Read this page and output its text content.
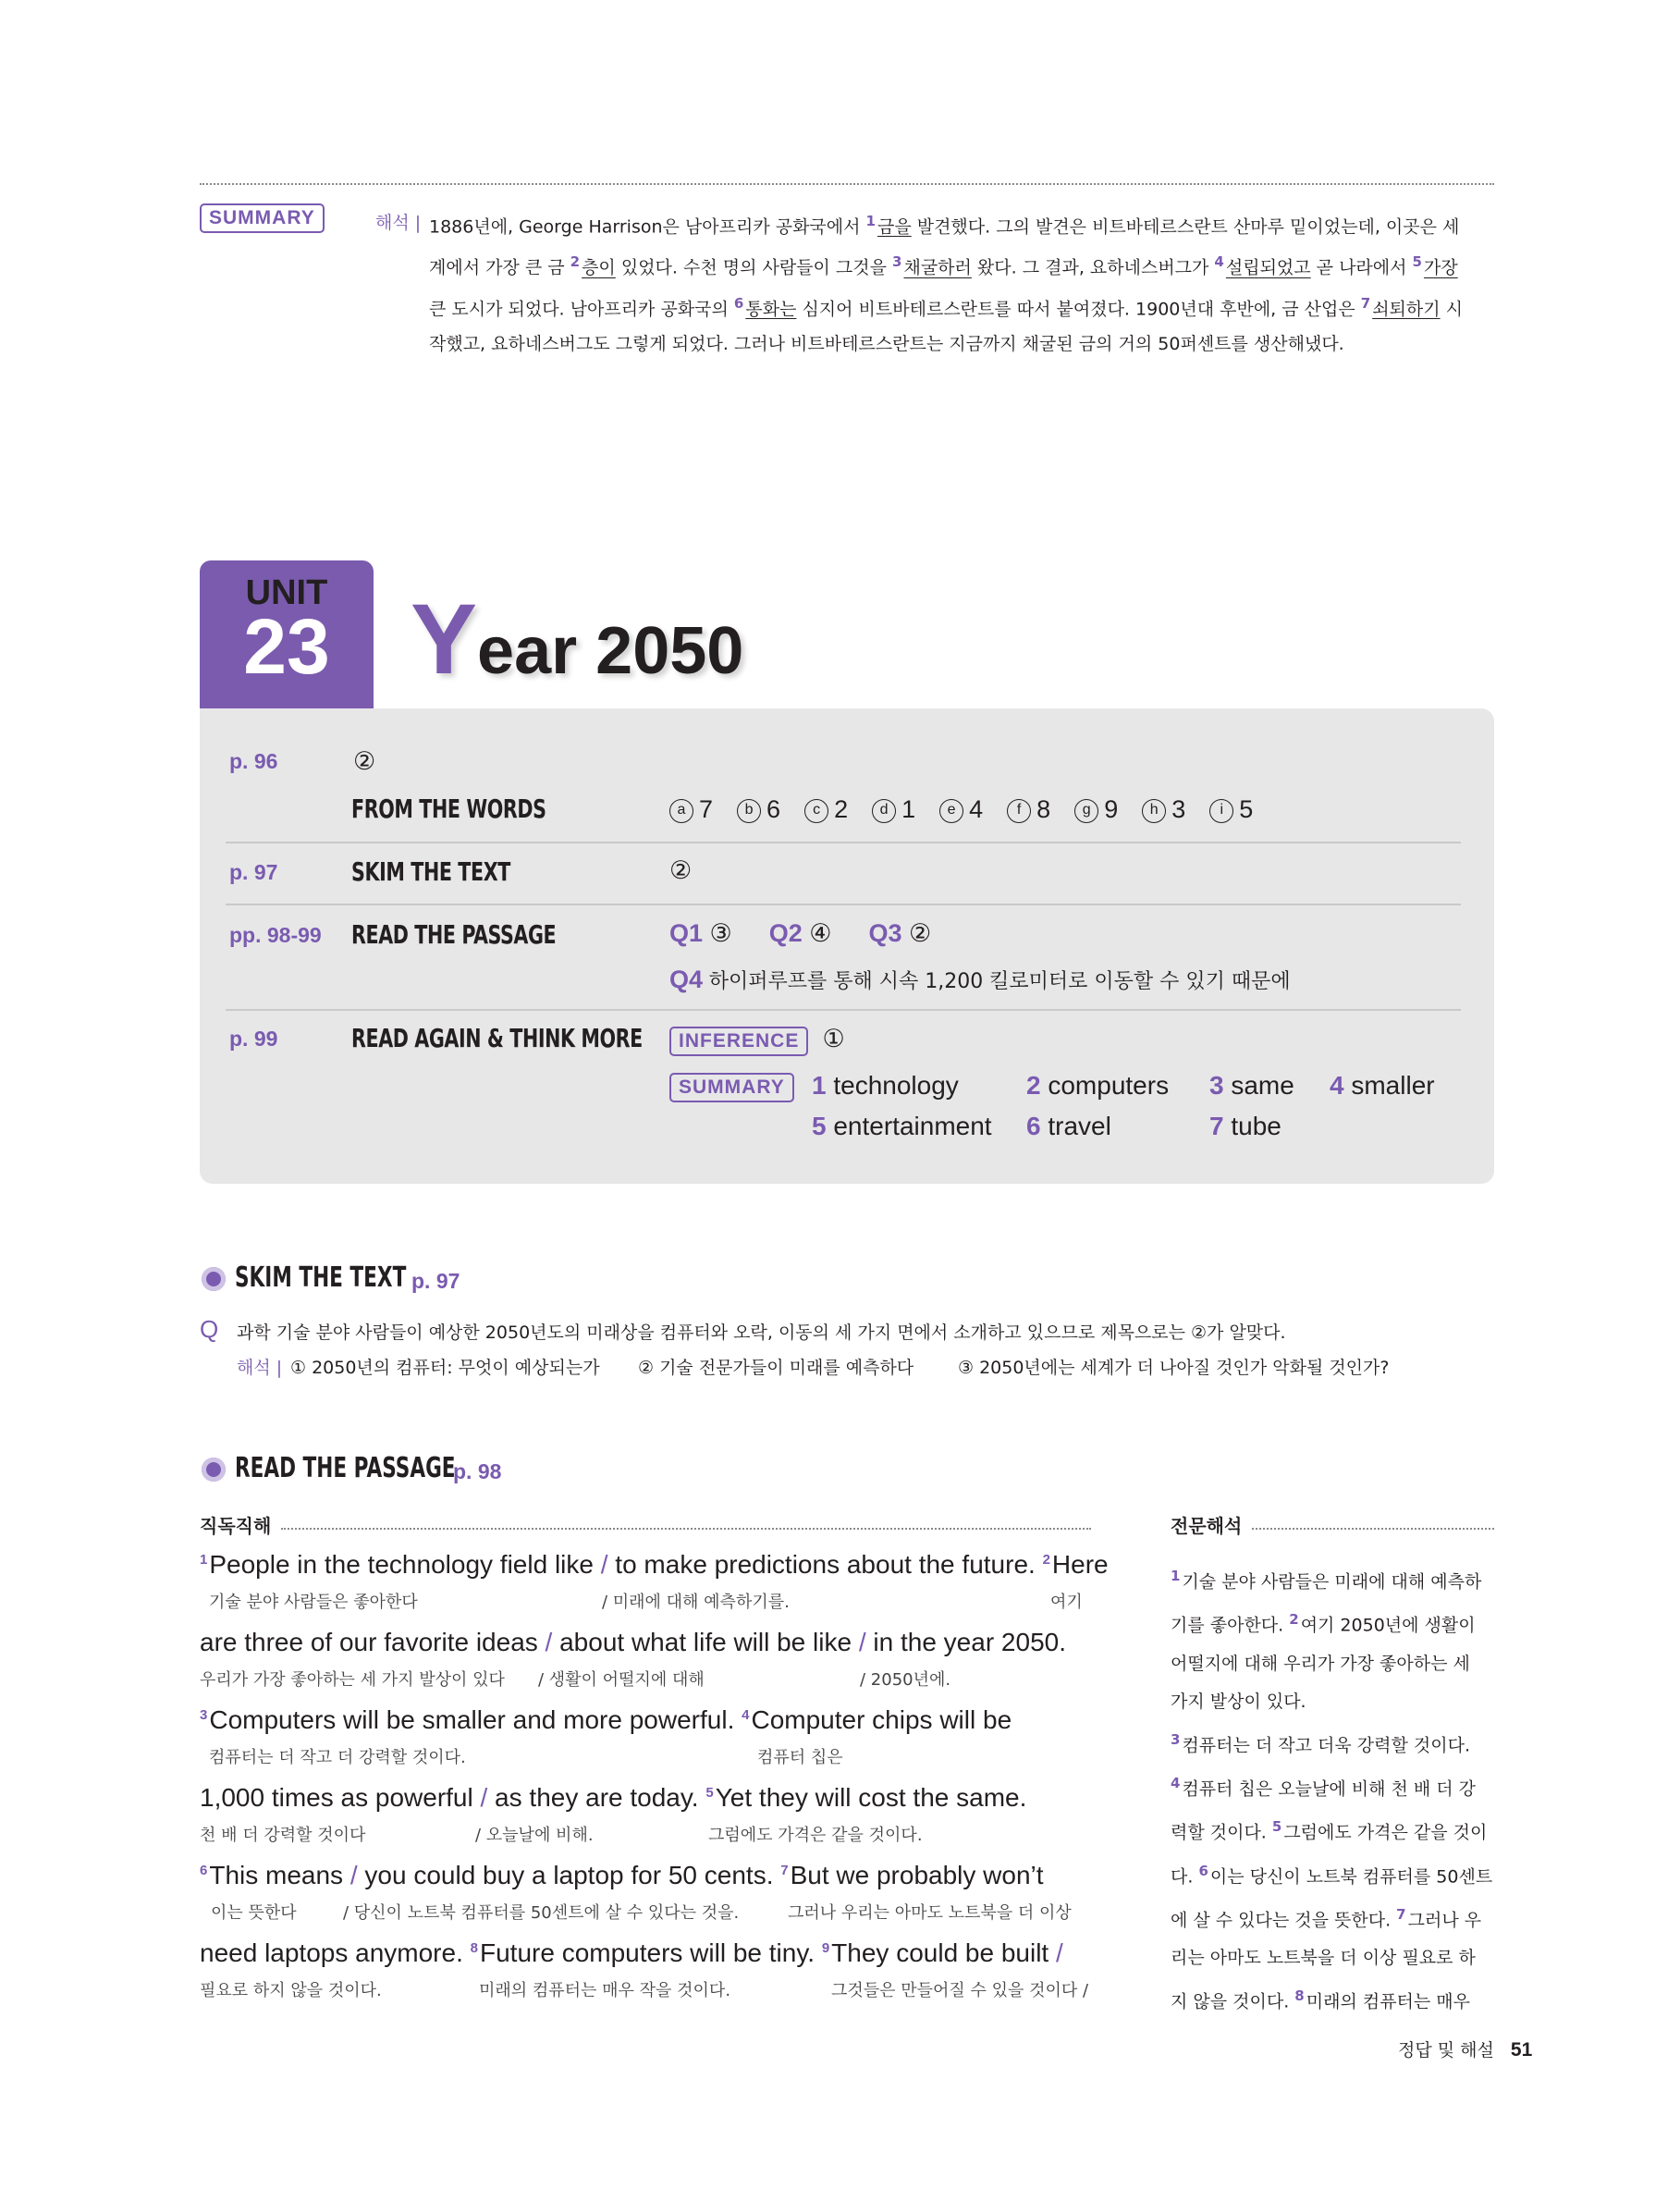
SUMMARY	해석 | 1886년에, George Harrison은 남아프리카 공화국에서 $^1$ 금을 발견했다. 그의 발견은 비트바테르스란트 산마루 밑이었는데, 이곳은 세
계에서 가장 큰 금 $^2$ 층이 있었다. 수천 명의 사람들이 그것을 $^3$ 채굴하러 왔다. 그 결과, 요하네스버그가 $^4$ 설립되었고 곧 나라에서 $^5$ 가장
큰 도시가 되었다. 남아프리카 공화국의 $^6$ 통화는 심지어 비트바테르스란트를 따서 붙여졌다. 1900년대 후반에, 금 산업은 $^7$ 쇠퇴하기 시
작했고, 요하네스버그도 그렇게 되었다. 그러나 비트바테르스란트는 지금까지 채굴된 금의 거의 50퍼센트를 생산해냈다.
UNIT
23 Year 2050
p. 96	②
FROM THE WORDS	a 7 b 6 c 2 d 1 e 4 f 8 g 9 h 3 i 5
p. 97	SKIM THE TEXT	②
pp. 98-99 READ THE PASSAGE	Q1 ③ Q2 ④ Q3 ②
Q4 하이퍼루프를 통해 시속 1,200 킬로미터로 이동할 수 있기 때문에
p. 99	READ AGAIN & THINK MORE	INFERENCE ①
SUMMARY	1 technology	2 computers 3 same 4 smaller
5 entertainment 6 travel	7 tube
SKIM THE TEXT p. 97
Q 과학 기술 분야 사람들이 예상한 2050년도의 미래상을 컴퓨터와 오락, 이동의 세 가지 면에서 소개하고 있으므로 제목으로는 ②가 알맞다.
해석 | ① 2050년의 컴퓨터: 무엇이 예상되는가 ② 기술 전문가들이 미래를 예측하다	③ 2050년에는 세계가 더 나아질 것인가 악화될 것인가?
READ THE PASSAGE
p. 98
직독직해	전문해석
$^1$People in the technology field like / to make predictions about the future. $^2$Here
기술 분야 사람들은 좋아한다	/ 미래에 대해 예측하기를.	여기
are three of our favorite ideas / about what life will be like / in the year 2050.
우리가 가장 좋아하는 세 가지 발상이 있다 / 생활이 어떨지에 대해	/ 2050년에.
$^3$Computers will be smaller and more powerful. $^4$Computer chips will be
컴퓨터는 더 작고 더 강력할 것이다.	컴퓨터 칩은
1,000 times as powerful / as they are today. $^5$Yet they will cost the same.
천 배 더 강력할 것이다	/ 오늘날에 비해.	그럼에도 가격은 같을 것이다.
$^6$This means / you could buy a laptop for 50 cents. $^7$But we probably won’t
이는 뜻한다	/ 당신이 노트북 컴퓨터를 50센트에 살 수 있다는 것을.	그러나 우리는 아마도 노트북을 더 이상
need laptops anymore. $^8$Future computers will be tiny. $^9$They could be built /
필요로 하지 않을 것이다.	미래의 컴퓨터는 매우 작을 것이다.	그것들은 만들어질 수 있을 것이다 /
$^1$ 기술 분야 사람들은 미래에 대해 예측하
기를 좋아한다. $^2$ 여기 2050년에 생활이
어떨지에 대해 우리가 가장 좋아하는 세
가지 발상이 있다.
$^3$ 컴퓨터는 더 작고 더욱 강력할 것이다.
$^4$ 컴퓨터 칩은 오늘날에 비해 천 배 더 강
력할 것이다. $^5$ 그럼에도 가격은 같을 것이
다. $^6$ 이는 당신이 노트북 컴퓨터를 50센트
에 살 수 있다는 것을 뜻한다. $^7$ 그러나 우
리는 아마도 노트북을 더 이상 필요로 하
지 않을 것이다. $^8$ 미래의 컴퓨터는 매우
정답 및 해설 51
